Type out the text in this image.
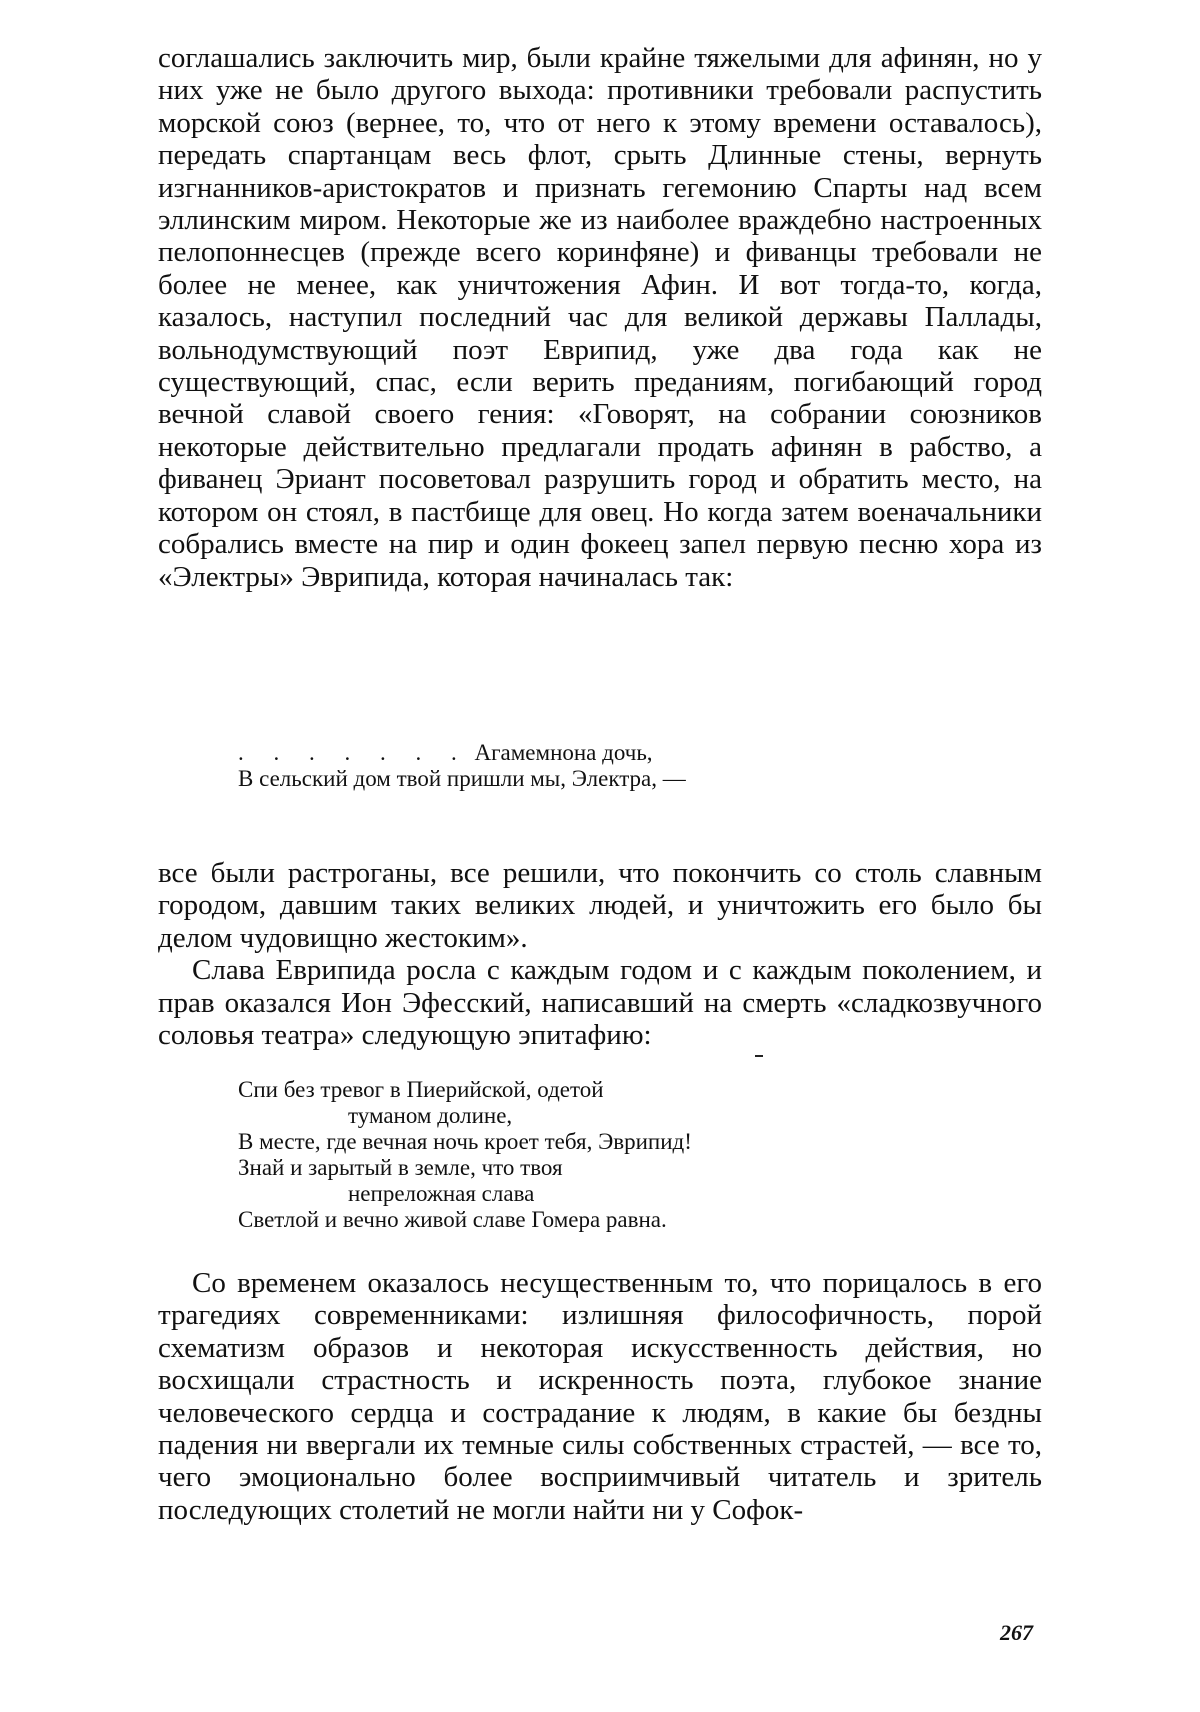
соглашались заключить мир, были крайне тяжелыми для афинян, но у них уже не было другого выхода: противники требовали распустить морской союз (вернее, то, что от него к этому времени оставалось), передать спартанцам весь флот, срыть Длинные стены, вернуть изгнанников-аристократов и признать гегемонию Спарты над всем эллинским миром. Некоторые же из наиболее враждебно настроенных пелопоннесцев (прежде всего коринфяне) и фиванцы требовали не более не менее, как уничтожения Афин. И вот тогда-то, когда, казалось, наступил последний час для великой державы Паллады, вольнодумствующий поэт Еврипид, уже два года как не существующий, спас, если верить преданиям, погибающий город вечной славой своего гения: «Говорят, на собрании союзников некоторые действительно предлагали продать афинян в рабство, а фиванец Эриант посоветовал разрушить город и обратить место, на котором он стоял, в пастбище для овец. Но когда затем военачальники собрались вместе на пир и один фокеец запел первую песню хора из «Электры» Эврипида, которая начиналась так:

. . . . . . . Агамемнона дочь,
В сельский дом твой пришли мы, Электра, —

все были растроганы, все решили, что покончить со столь славным городом, давшим таких великих людей, и уничтожить его было бы делом чудовищно жестоким».

Слава Еврипида росла с каждым годом и с каждым поколением, и прав оказался Ион Эфесский, написавший на смерть «сладкозвучного соловья театра» следующую эпитафию:

Спи без тревог в Пиерийской, одетой
туманом долине,
В месте, где вечная ночь кроет тебя, Эврипид!
Знай и зарытый в земле, что твоя
непреложная слава
Светлой и вечно живой славе Гомера равна.

Со временем оказалось несущественным то, что порицалось в его трагедиях современниками: излишняя философичность, порой схематизм образов и некоторая искусственность действия, но восхищали страстность и искренность поэта, глубокое знание человеческого сердца и сострадание к людям, в какие бы бездны падения ни ввергали их темные силы собственных страстей, — все то, чего эмоционально более восприимчивый читатель и зритель последующих столетий не могли найти ни у Софок-

267
